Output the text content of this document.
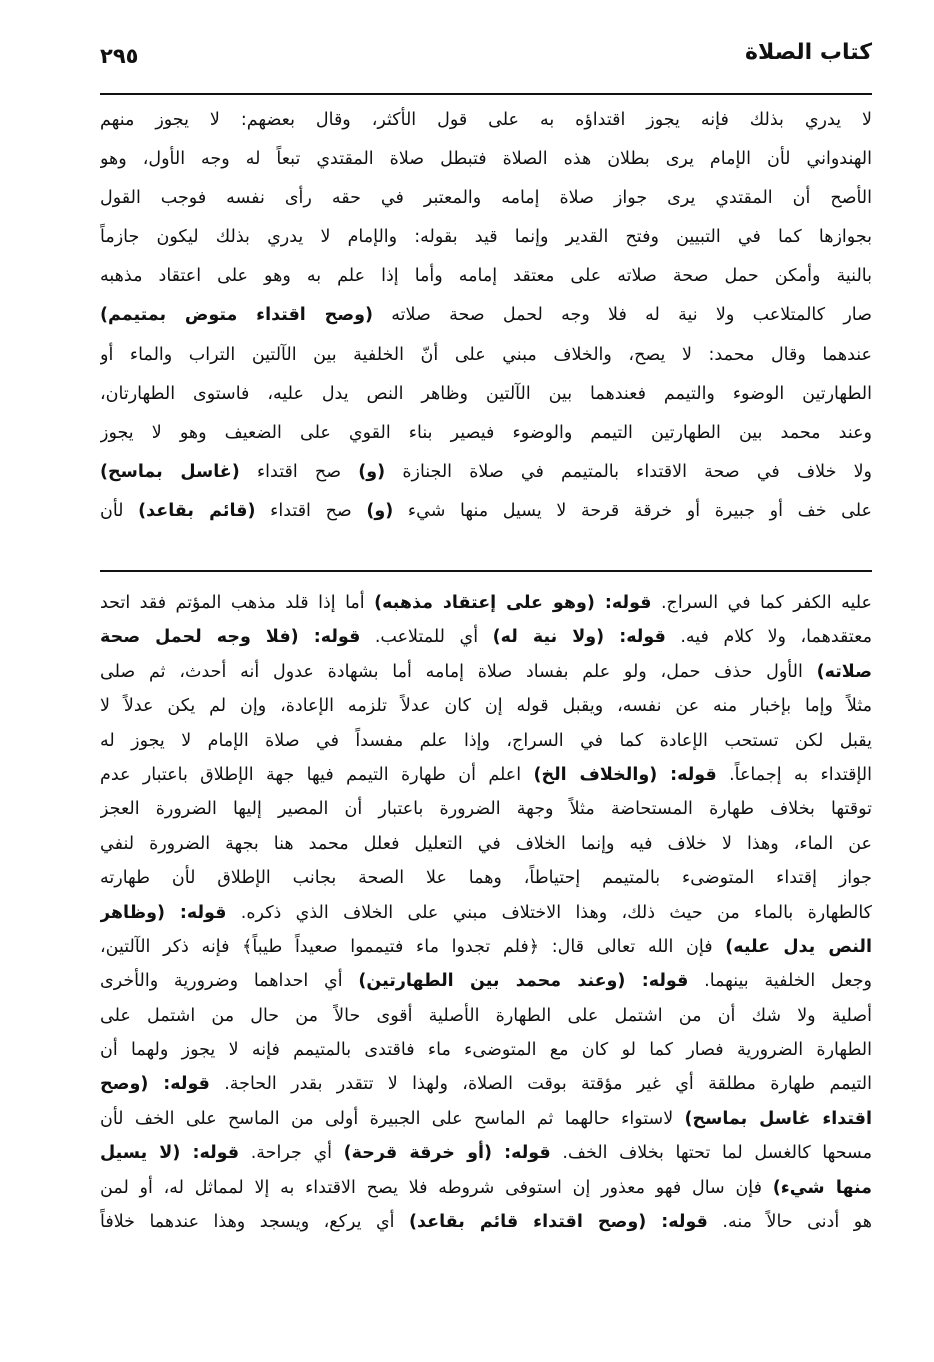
كتاب الصلاة
٢٩٥
لا يدري بذلك فإنه يجوز اقتداؤه به على قول الأكثر، وقال بعضهم: لا يجوز منهم
الهندواني لأن الإمام يرى بطلان هذه الصلاة فتبطل صلاة المقتدي تبعاً له وجه الأول، وهو
الأصح أن المقتدي يرى جواز صلاة إمامه والمعتبر في حقه رأى نفسه فوجب القول
بجوازها كما في التبيين وفتح القدير وإنما قيد بقوله: والإمام لا يدري بذلك ليكون جازماً
بالنية وأمكن حمل صحة صلاته على معتقد إمامه وأما إذا علم به وهو على اعتقاد مذهبه
صار كالمتلاعب ولا نية له فلا وجه لحمل صحة صلاته (وصح اقتداء متوض بمتيمم)
عندهما وقال محمد: لا يصح، والخلاف مبني على أنّ الخلفية بين الآلتين التراب والماء أو
الطهارتين الوضوء والتيمم فعندهما بين الآلتين وظاهر النص يدل عليه، فاستوى الطهارتان،
وعند محمد بين الطهارتين التيمم والوضوء فيصير بناء القوي على الضعيف وهو لا يجوز
ولا خلاف في صحة الاقتداء بالمتيمم في صلاة الجنازة (و) صح اقتداء (غاسل بماسح)
على خف أو جبيرة أو خرقة قرحة لا يسيل منها شيء (و) صح اقتداء (قائم بقاعد) لأن
عليه الكفر كما في السراج. قوله: (وهو على إعتقاد مذهبه) أما إذا قلد مذهب المؤتم فقد اتحد
معتقدهما، ولا كلام فيه. قوله: (ولا نية له) أي للمتلاعب. قوله: (فلا وجه لحمل صحة
صلاته) الأول حذف حمل، ولو علم بفساد صلاة إمامه أما بشهادة عدول أنه أحدث، ثم صلى
مثلاً وإما بإخبار منه عن نفسه، ويقبل قوله إن كان عدلاً تلزمه الإعادة، وإن لم يكن عدلاً لا
يقبل لكن تستحب الإعادة كما في السراج، وإذا علم مفسداً في صلاة الإمام لا يجوز له
الإقتداء به إجماعاً. قوله: (والخلاف الخ) اعلم أن طهارة التيمم فيها جهة الإطلاق باعتبار عدم
توقتها بخلاف طهارة المستحاضة مثلاً وجهة الضرورة باعتبار أن المصير إليها الضرورة العجز
عن الماء، وهذا لا خلاف فيه وإنما الخلاف في التعليل فعلل محمد هنا بجهة الضرورة لنفي
جواز إقتداء المتوضىء بالمتيمم إحتياطاً، وهما علا الصحة بجانب الإطلاق لأن طهارته
كالطهارة بالماء من حيث ذلك، وهذا الاختلاف مبني على الخلاف الذي ذكره. قوله: (وظاهر
النص يدل عليه) فإن الله تعالى قال: ﴿فلم تجدوا ماء فتيمموا صعيداً طيباً﴾ فإنه ذكر الآلتين،
وجعل الخلفية بينهما. قوله: (وعند محمد بين الطهارتين) أي احداهما وضرورية والأخرى
أصلية ولا شك أن من اشتمل على الطهارة الأصلية أقوى حالاً من حال من اشتمل على
الطهارة الضرورية فصار كما لو كان مع المتوضىء ماء فاقتدى بالمتيمم فإنه لا يجوز ولهما أن
التيمم طهارة مطلقة أي غير مؤقتة بوقت الصلاة، ولهذا لا تتقدر بقدر الحاجة. قوله: (وصح
اقتداء غاسل بماسح) لاستواء حالهما ثم الماسح على الجبيرة أولى من الماسح على الخف لأن
مسحها كالغسل لما تحتها بخلاف الخف. قوله: (أو خرقة قرحة) أي جراحة. قوله: (لا يسيل
منها شيء) فإن سال فهو معذور إن استوفى شروطه فلا يصح الاقتداء به إلا لمماثل له، أو لمن
هو أدنى حالاً منه. قوله: (وصح اقتداء قائم بقاعد) أي يركع، ويسجد وهذا عندهما خلافاً
